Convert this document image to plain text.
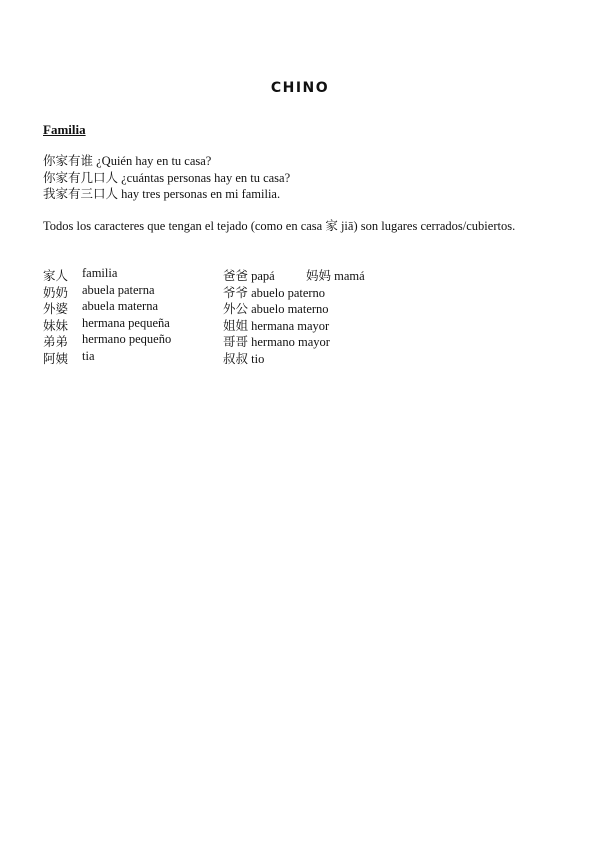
CHINO
Familia
你家有谁 ¿Quién hay en tu casa?
你家有几口人 ¿cuántas personas hay en tu casa?
我家有三口人 hay tres personas en mi familia.
Todos los caracteres que tengan el tejado (como en casa 家 jiā) son lugares cerrados/cubiertos.
家人 familia	爸爸 papá	妈妈 mamá
奶奶 abuela paterna	爷爷 abuelo paterno
外婆 abuela materna	外公 abuelo materno
妹妹 hermana pequeña	姐姐 hermana mayor
弟弟 hermano pequeño	哥哥 hermano mayor
阿姨 tia	叔叔 tio
